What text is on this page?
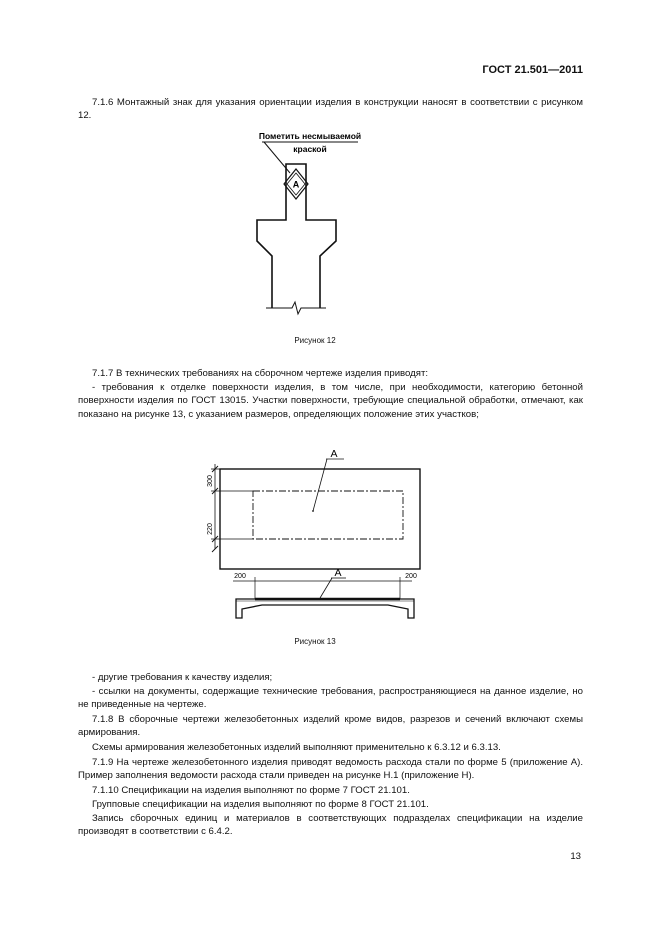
ГОСТ 21.501—2011

7.1.6 Монтажный знак для указания ориентации изделия в конструкции наносят в соответствии с рисунком 12.

Пометить несмываемой
краской
А
Рисунок 12

7.1.7 В технических требованиях на сборочном чертеже изделия приводят:

- требования к отделке поверхности изделия, в том числе, при необходимости, категорию бетонной поверхности изделия по ГОСТ 13015. Участки поверхности, требующие специальной обработки, отмечают, как показано на рисунке 13, с указанием размеров, определяющих положение этих участков;

300
220
А
200	200
А
Рисунок 13

- другие требования к качеству изделия;

- ссылки на документы, содержащие технические требования, распространяющиеся на данное изделие, но не приведенные на чертеже.

7.1.8 В сборочные чертежи железобетонных изделий кроме видов, разрезов и сечений включают схемы армирования.

Схемы армирования железобетонных изделий выполняют применительно к 6.3.12 и 6.3.13.

7.1.9 На чертеже железобетонного изделия приводят ведомость расхода стали по форме 5 (приложение А). Пример заполнения ведомости расхода стали приведен на рисунке Н.1 (приложение Н).

7.1.10 Спецификации на изделия выполняют по форме 7 ГОСТ 21.101.

Групповые спецификации на изделия выполняют по форме 8 ГОСТ 21.101.

Запись сборочных единиц и материалов в соответствующих подразделах спецификации на изделие производят в соответствии с 6.4.2.

13
